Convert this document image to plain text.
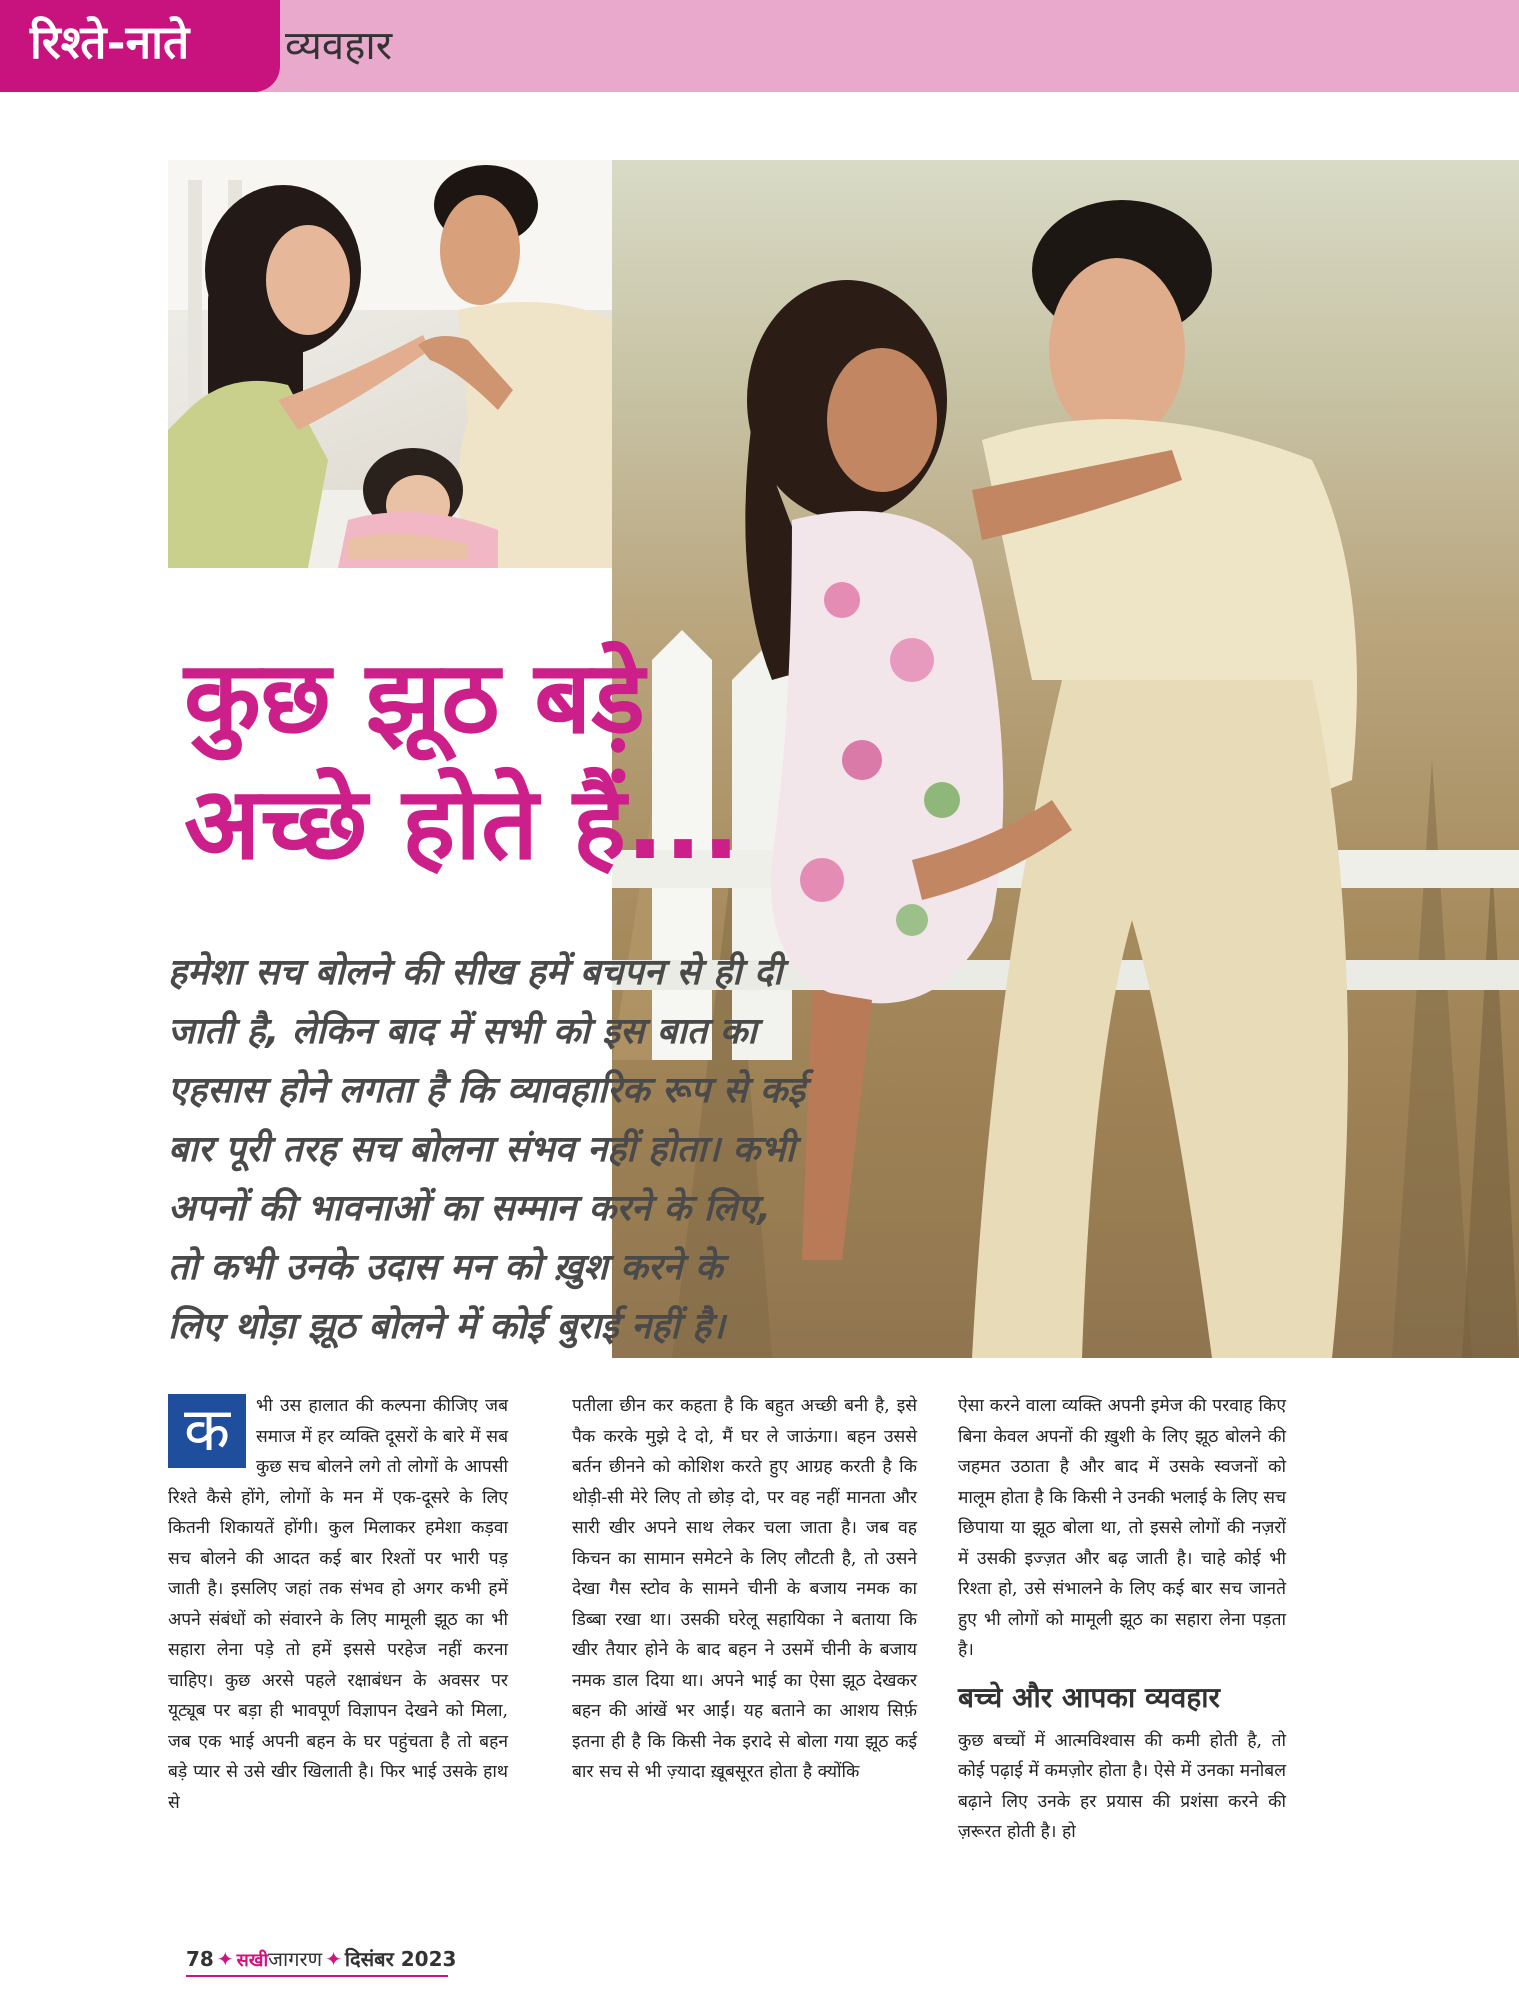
रिश्ते-नाते व्यवहार
कुछ झूठ बड़े
अच्छे होते हैं...
हमेशा सच बोलने की सीख हमें बचपन से ही दी
जाती है, लेकिन बाद में सभी को इस बात का
एहसास होने लगता है कि व्यावहारिक रूप से कई
बार पूरी तरह सच बोलना संभव नहीं होता। कभी
अपनों की भावनाओं का सम्मान करने के लिए,
तो कभी उनके उदास मन को ख़ुश करने के
लिए थोड़ा झूठ बोलने में कोई बुराई नहीं है।

क	भी उस हालात की कल्पना कीजिए जब समाज में हर व्यक्ति दूसरों के बारे में सब कुछ सच बोलने लगे तो लोगों के आपसी रिश्ते कैसे होंगे, लोगों के मन में एक-दूसरे के लिए कितनी शिकायतें होंगी। कुल मिलाकर हमेशा कड़वा सच बोलने की आदत कई बार रिश्तों पर भारी पड़ जाती है। इसलिए जहां तक संभव हो अगर कभी हमें अपने संबंधों को संवारने के लिए मामूली झूठ का भी सहारा लेना पड़े तो हमें इससे परहेज नहीं करना चाहिए। कुछ अरसे पहले रक्षाबंधन के अवसर पर यूट्यूब पर बड़ा ही भावपूर्ण विज्ञापन देखने को मिला, जब एक भाई अपनी बहन के घर पहुंचता है तो बहन बड़े प्यार से उसे खीर खिलाती है। फिर भाई उसके हाथ से

पतीला छीन कर कहता है कि बहुत अच्छी बनी है, इसे पैक करके मुझे दे दो, मैं घर ले जाऊंगा। बहन उससे बर्तन छीनने को कोशिश करते हुए आग्रह करती है कि थोड़ी-सी मेरे लिए तो छोड़ दो, पर वह नहीं मानता और सारी खीर अपने साथ लेकर चला जाता है। जब वह किचन का सामान समेटने के लिए लौटती है, तो उसने देखा गैस स्टोव के सामने चीनी के बजाय नमक का डिब्बा रखा था। उसकी घरेलू सहायिका ने बताया कि खीर तैयार होने के बाद बहन ने उसमें चीनी के बजाय नमक डाल दिया था। अपने भाई का ऐसा झूठ देखकर बहन की आंखें भर आईं। यह बताने का आशय सिर्फ़ इतना ही है कि किसी नेक इरादे से बोला गया झूठ कई बार सच से भी ज़्यादा ख़ूबसूरत होता है क्योंकि

ऐसा करने वाला व्यक्ति अपनी इमेज की परवाह किए बिना केवल अपनों की ख़ुशी के लिए झूठ बोलने की जहमत उठाता है और बाद में उसके स्वजनों को मालूम होता है कि किसी ने उनकी भलाई के लिए सच छिपाया या झूठ बोला था, तो इससे लोगों की नज़रों में उसकी इज्ज़त और बढ़ जाती है। चाहे कोई भी रिश्ता हो, उसे संभालने के लिए कई बार सच जानते हुए भी लोगों को मामूली झूठ का सहारा लेना पड़ता है।

बच्चे और आपका व्यवहार

कुछ बच्चों में आत्मविश्वास की कमी होती है, तो कोई पढ़ाई में कमज़ोर होता है। ऐसे में उनका मनोबल बढ़ाने लिए उनके हर प्रयास की प्रशंसा करने की ज़रूरत होती है। हो

78 ✦ सखीजागरण ✦ दिसंबर 2023
